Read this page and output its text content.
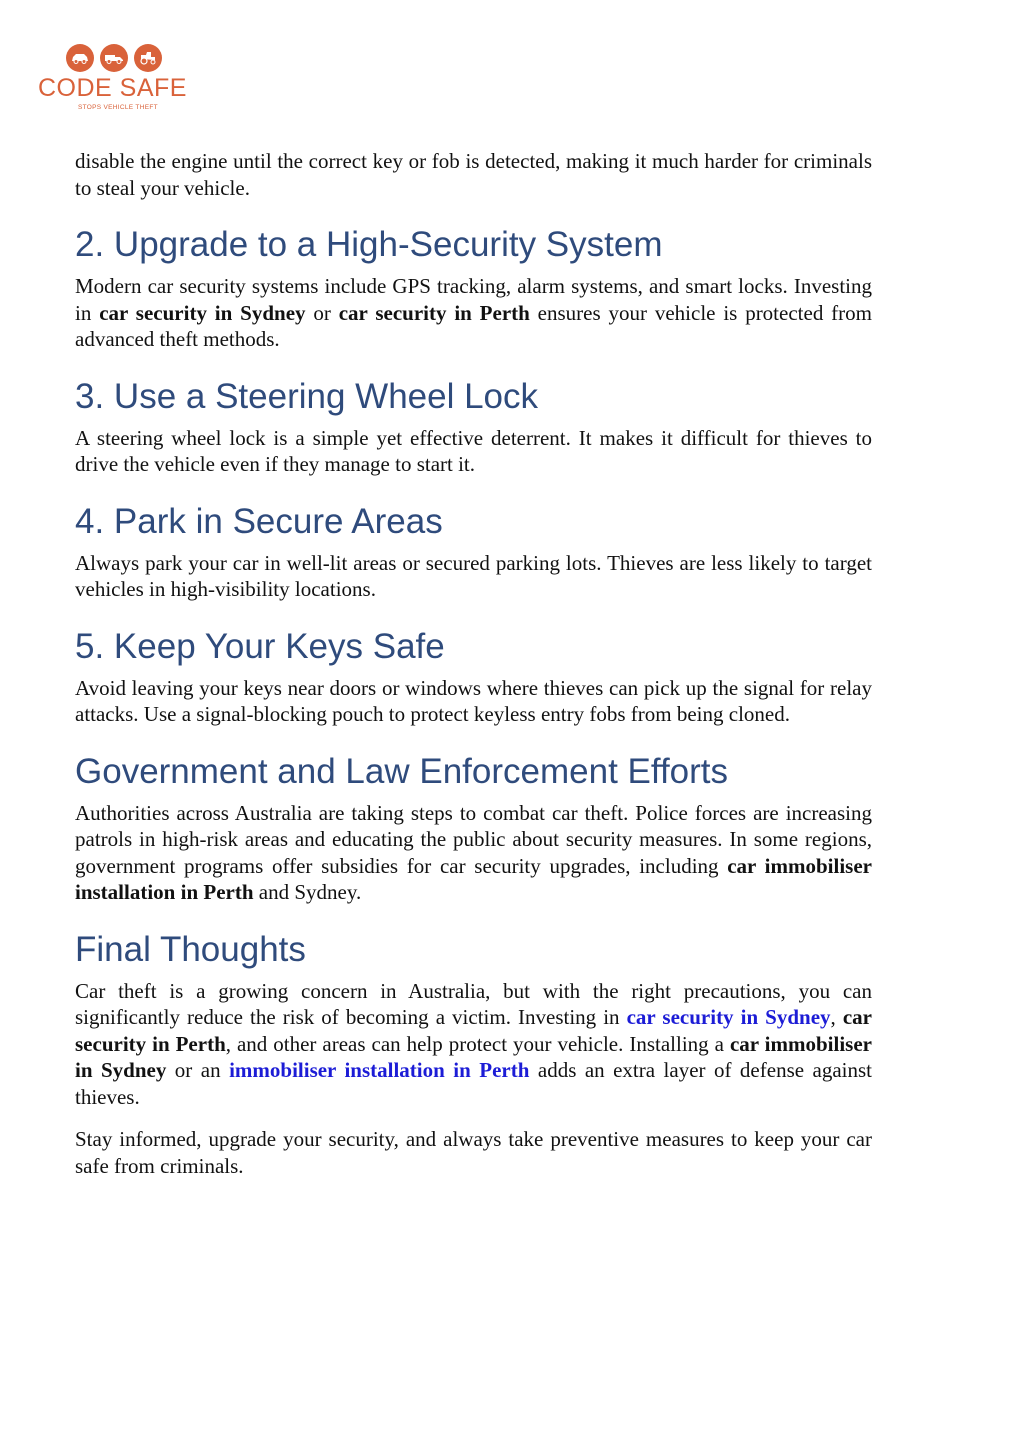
CODE SAFE
STOPS VEHICLE THEFT

disable the engine until the correct key or fob is detected, making it much harder for criminals to steal your vehicle.

2. Upgrade to a High-Security System

Modern car security systems include GPS tracking, alarm systems, and smart locks. Investing in car security in Sydney or car security in Perth ensures your vehicle is protected from advanced theft methods.

3. Use a Steering Wheel Lock

A steering wheel lock is a simple yet effective deterrent. It makes it difficult for thieves to drive the vehicle even if they manage to start it.

4. Park in Secure Areas

Always park your car in well-lit areas or secured parking lots. Thieves are less likely to target vehicles in high-visibility locations.

5. Keep Your Keys Safe

Avoid leaving your keys near doors or windows where thieves can pick up the signal for relay attacks. Use a signal-blocking pouch to protect keyless entry fobs from being cloned.

Government and Law Enforcement Efforts

Authorities across Australia are taking steps to combat car theft. Police forces are increasing patrols in high-risk areas and educating the public about security measures. In some regions, government programs offer subsidies for car security upgrades, including car immobiliser installation in Perth and Sydney.

Final Thoughts

Car theft is a growing concern in Australia, but with the right precautions, you can significantly reduce the risk of becoming a victim. Investing in car security in Sydney, car security in Perth, and other areas can help protect your vehicle. Installing a car immobiliser in Sydney or an immobiliser installation in Perth adds an extra layer of defense against thieves.

Stay informed, upgrade your security, and always take preventive measures to keep your car safe from criminals.
